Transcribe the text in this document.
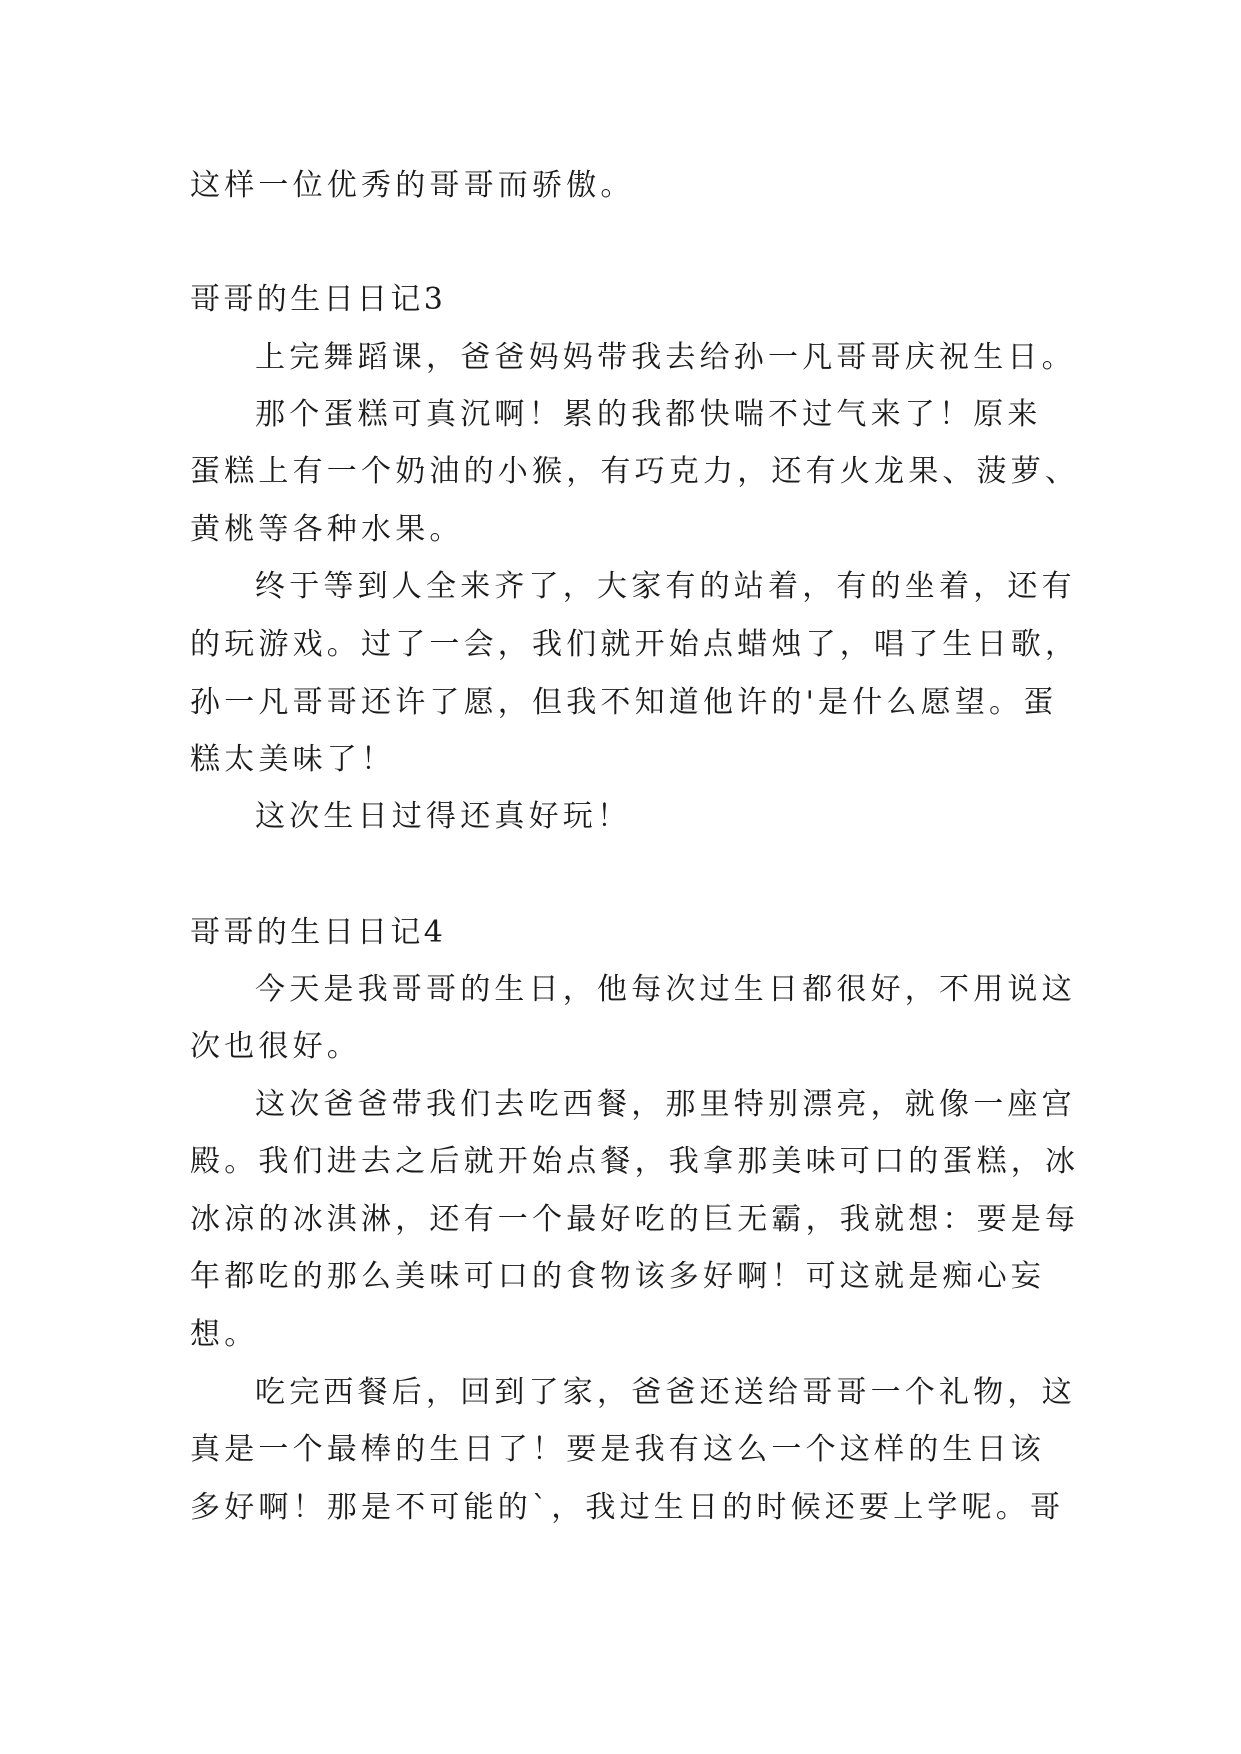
这样一位优秀的哥哥而骄傲。
哥哥的生日日记3
上完舞蹈课，爸爸妈妈带我去给孙一凡哥哥庆祝生日。
那个蛋糕可真沉啊！累的我都快喘不过气来了！原来
蛋糕上有一个奶油的小猴，有巧克力，还有火龙果、菠萝、
黄桃等各种水果。
终于等到人全来齐了，大家有的站着，有的坐着，还有
的玩游戏。过了一会，我们就开始点蜡烛了，唱了生日歌，
孙一凡哥哥还许了愿，但我不知道他许的'是什么愿望。蛋
糕太美味了！
这次生日过得还真好玩！
哥哥的生日日记4
今天是我哥哥的生日，他每次过生日都很好，不用说这
次也很好。
这次爸爸带我们去吃西餐，那里特别漂亮，就像一座宫
殿。我们进去之后就开始点餐，我拿那美味可口的蛋糕，冰
冰凉的冰淇淋，还有一个最好吃的巨无霸，我就想：要是每
年都吃的那么美味可口的食物该多好啊！可这就是痴心妄
想。
吃完西餐后，回到了家，爸爸还送给哥哥一个礼物，这
真是一个最棒的生日了！要是我有这么一个这样的生日该
多好啊！那是不可能的`，我过生日的时候还要上学呢。哥
